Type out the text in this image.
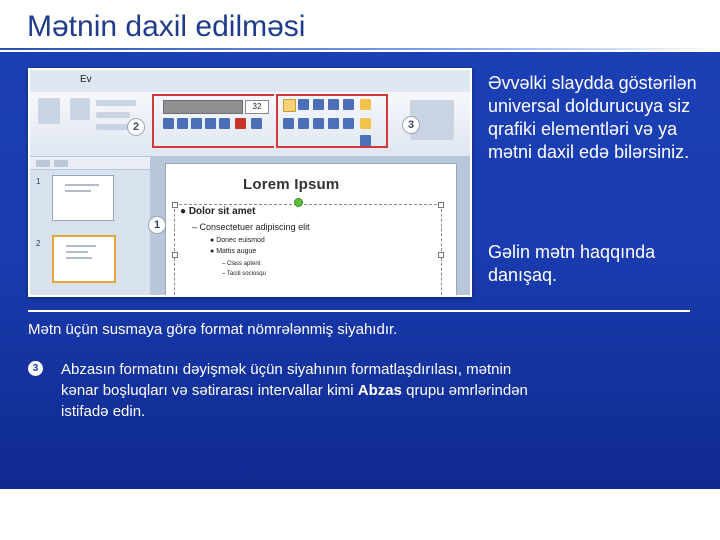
Mətnin daxil edilməsi
Ev
32
2	3
1
2
Lorem Ipsum
● Dolor sit amet
– Consectetuer adipiscing elit
● Donec euismod
● Mattis augue
– Class aptent
– Taciti sociosqu
1
Əvvəlki slaydda göstərilən universal doldurucuya siz qrafiki elementləri və ya mətni daxil edə bilərsiniz.
Gəlin mətn haqqında danışaq.
Mətn üçün susmaya görə format nömrələnmiş siyahıdır.
3	Abzasın formatını dəyişmək üçün siyahının formatlaşdırılası, mətnin kənar boşluqları və sətirarası intervallar kimi Abzas qrupu əmrlərindən istifadə edin.
